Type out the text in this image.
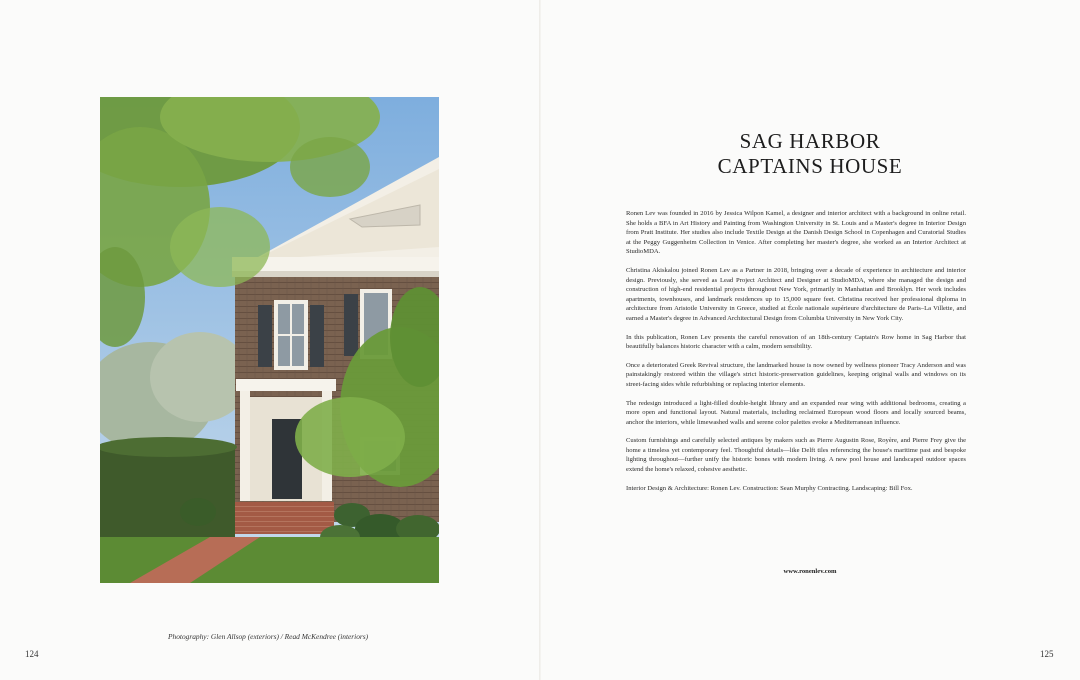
Photography: Glen Allsop (exteriors) / Read McKendree (interiors)
124
SAG HARBOR
CAPTAINS HOUSE

Ronen Lev was founded in 2016 by Jessica Wilpon Kamel, a designer and interior architect with a background in online retail. She holds a BFA in Art History and Painting from Washington University in St. Louis and a Master's degree in Interior Design from Pratt Institute. Her studies also include Textile Design at the Danish Design School in Copenhagen and Curatorial Studies at the Peggy Guggenheim Collection in Venice. After completing her master's degree, she worked as an Interior Architect at StudioMDA.

Christina Akiskalou joined Ronen Lev as a Partner in 2018, bringing over a decade of experience in architecture and interior design. Previously, she served as Lead Project Architect and Designer at StudioMDA, where she managed the design and construction of high-end residential projects throughout New York, primarily in Manhattan and Brooklyn. Her work includes apartments, townhouses, and landmark residences up to 15,000 square feet. Christina received her professional diploma in architecture from Aristotle University in Greece, studied at École nationale supérieure d'architecture de Paris–La Villette, and earned a Master's degree in Advanced Architectural Design from Columbia University in New York City.

In this publication, Ronen Lev presents the careful renovation of an 18th-century Captain's Row home in Sag Harbor that beautifully balances historic character with a calm, modern sensibility.

Once a deteriorated Greek Revival structure, the landmarked house is now owned by wellness pioneer Tracy Anderson and was painstakingly restored within the village's strict historic-preservation guidelines, keeping original walls and windows on its street-facing sides while refurbishing or replacing interior elements.

The redesign introduced a light-filled double-height library and an expanded rear wing with additional bedrooms, creating a more open and functional layout. Natural materials, including reclaimed European wood floors and locally sourced beams, anchor the interiors, while limewashed walls and serene color palettes evoke a Mediterranean influence.

Custom furnishings and carefully selected antiques by makers such as Pierre Augustin Rose, Royère, and Pierre Frey give the home a timeless yet contemporary feel. Thoughtful details—like Delft tiles referencing the house's maritime past and bespoke lighting throughout—further unify the historic bones with modern living. A new pool house and landscaped outdoor spaces extend the home's relaxed, cohesive aesthetic.

Interior Design & Architecture: Ronen Lev. Construction: Sean Murphy Contracting. Landscaping: Bill Fox.

www.ronenlev.com
125
